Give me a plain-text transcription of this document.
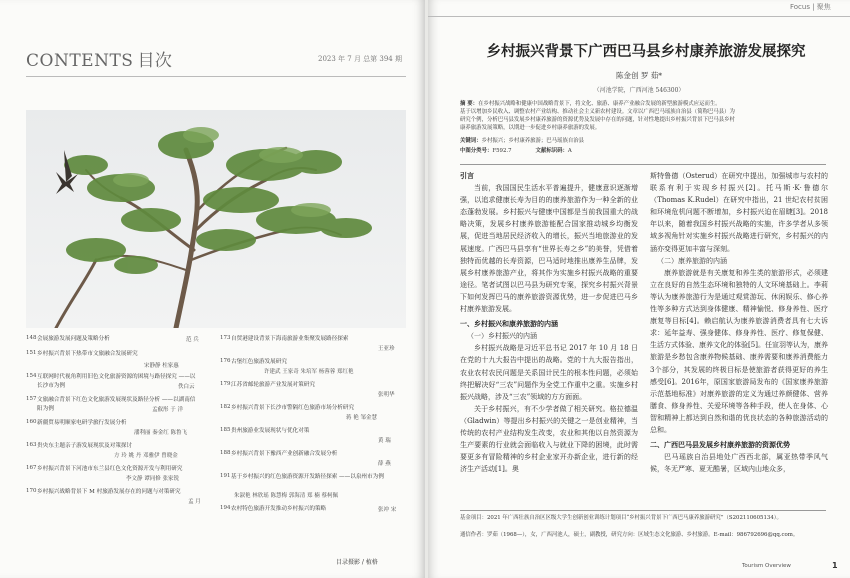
CONTENTS 目次	2023 年 7 月 总第 394 期
148 会展旅游发展问题及策略分析	范 兵
151 乡村振兴背景下热带市文旅融合发展研究
宋静静 柱家惠
154 互联网时代视角利用旧色文化旅游资源的困境与路径探究 ——以长沙市为例	佚白云
157 文旅融合背景下红色文化旅游发展现状及路径分析 ——以湖南信阳为例	孟叡彤 于 洋
160 新疆贸易明顺家电研学旅行发展分析
潘利丽 秦金红 陈鲁飞
163 贵央东主题亲子游发展现状及对策探讨
方 玲 姚 丹 邓雅伊 曾晓金
167 乡村振兴背景下河池市东兰县红色文化资源开发与利用研究
李文静 谭同修 张家锐
170 乡村振兴战略背景下 M 村旅游发展存在的问题与对策研究
孟 月
173 自贸港建设背景下海南旅游业集聚发展路径探索
王亚珍
176 古堡红色旅游发展研究
许建武 王家奇 朱培军 杨蓉蓉 郑红艳
179 江苏省邮轮旅游产业发展对策研究
张明华
182 乡村振兴背景下长沙市警隔红色旅游市场分析研究
蒋 艳 邹金慧
185 贵州旅游业发展现状与优化对策
黄 瑞
188 乡村振兴背景下豫西产业创新融合发展分析
薛 燕
191 基于乡村振兴的红色旅游资源开发路径探索 ——以泉州市为例
朱淑艳 林欣瑶 陈慧梅 郭海清 郑 楠 蔡柯佩
194 农村特色旅游开发推动乡村振兴的策略	张冲 宋
目录摄影 / 植格
Focus | 聚焦
乡村振兴背景下广西巴马县乡村康养旅游发展探究
陈金创 罗 茹*
（河池学院，广西河池 546300）
摘 要：在乡村振兴战略和健康中国战略背景下，将文化、旅游、康养产业融合发展的新型旅游模式应运而生。
基于以增加乡民收入、调整农村产业结构、推动社会主义新农村建设。文章以广西巴马瑶族自治县（简称巴马县）为
研究个例，分析巴马县发展乡村康养旅游的资源优势及发展中存在的问题，针对性地提出乡村振兴背景下巴马县乡村
康养旅游发展策略，以期进一步促进乡村康养旅游的发展。
关键词：乡村振兴；乡村康养旅游；巴马瑶族自治县
中图分类号：F592.7	文献标识码：A
引言
当前，我国国民生活水平普遍提升，健康意识逐渐增强，以追求健康长寿为目的的康养旅游作为一种全新的业态蓬勃发展。乡村振兴与健康中国都是当前我国重大的战略决策，发展乡村康养旅游能配合国家推动城乡均衡发展，促进当地居民经济收入的增长，振兴当地旅游业的发展速度。广西巴马县享有“世界长寿之乡”的美誉，凭借着独特而优越的长寿资源，巴马适时地推出康养生品牌，发展乡村康养旅游产业，将其作为实施乡村振兴战略的重要途径。笔者试图以巴马县为研究专案，探究乡村振兴背景下如何发挥巴马的康养旅游资源优势，进一步促进巴马乡村康养旅游发展。
一、乡村振兴和康养旅游的内涵
（一）乡村振兴的内涵
乡村振兴战略是习近平总书记 2017 年 10 月 18 日在党的十九大报告中提出的战略。党的十九大报告指出，农业农村农民问题是关系国计民生的根本性问题，必须始终把解决好“三农”问题作为全党工作重中之重。实施乡村振兴战略，涉及“三农”领域的方方面面。
关于乡村振兴，有不少学者做了相关研究。格拉德温（Gladwin）等提出乡村振兴的关键之一是创业精神，当传统的农村产业结构发生改变，农业和其他以自然资源为生产要素的行业就会面临收入与就业下降的困境，此时需要更多有冒险精神的乡村企业家开办新企业，进行新的经济生产活动[1]。奥
斯特鲁德（Osterud）在研究中提出，加强城市与农村的联系有利于实现乡村振兴[2]。托马斯·K·鲁德尔（Thomas K.Rudel）在研究中指出，21 世纪农村贫困和环境危机问题不断增加，乡村振兴迫在眉睫[3]。2018 年以来，随着我国乡村振兴战略的实施，许多学者从多领域多视角针对实施乡村振兴战略进行研究，乡村振兴的内涵亦变得更加丰富与深刻。
（二）康养旅游的内涵
康养旅游就是有关康复和养生类的旅游形式，必须建立在良好的自然生态环境和独特的人文环境基础上。李莉等认为康养旅游行为是通过观赏游玩、休闲娱乐、修心养性等多种方式达到身体健康、精神愉悦、修身养性、医疗康复等目标[4]。赖启航认为康养旅游消费者具有七大诉求：延年益寿、强身健体、修身养性、医疗、修复保健、生活方式体验、康养文化的体验[5]。任宣羽等认为，康养旅游是乡愁包含康养物候基础、康养需要和康养消费能力3个部分，其发展的终极目标是使旅游者获得更好的养生感受[6]。2016年，原国家旅游局发布的《国家康养旅游示范基地标准》对康养旅游的定义为通过养颜健体、营养膳食、修身养性、关爱环境等各种手段，使人在身体、心智和精神上都达到自然和谐的优良状态的各种旅游活动的总和。
二、广西巴马县发展乡村康养旅游的资源优势
巴马瑶族自治县地处广西西北部，属亚热带季风气候，冬无严寒、夏无酷暑，区域内山地众多，
基金项目：2021 年广西壮族自治区区级大学生创新创业训练计划项目“乡村振兴背景下广西巴马康养旅游研究”（S202110605134）。
通信作者：罗茹（1968—），女，广西河池人，硕士，副教授，研究方向：区域生态文化旅游、乡村旅游。E-mail：986792696@qq.com。
Tourism Overview	1
